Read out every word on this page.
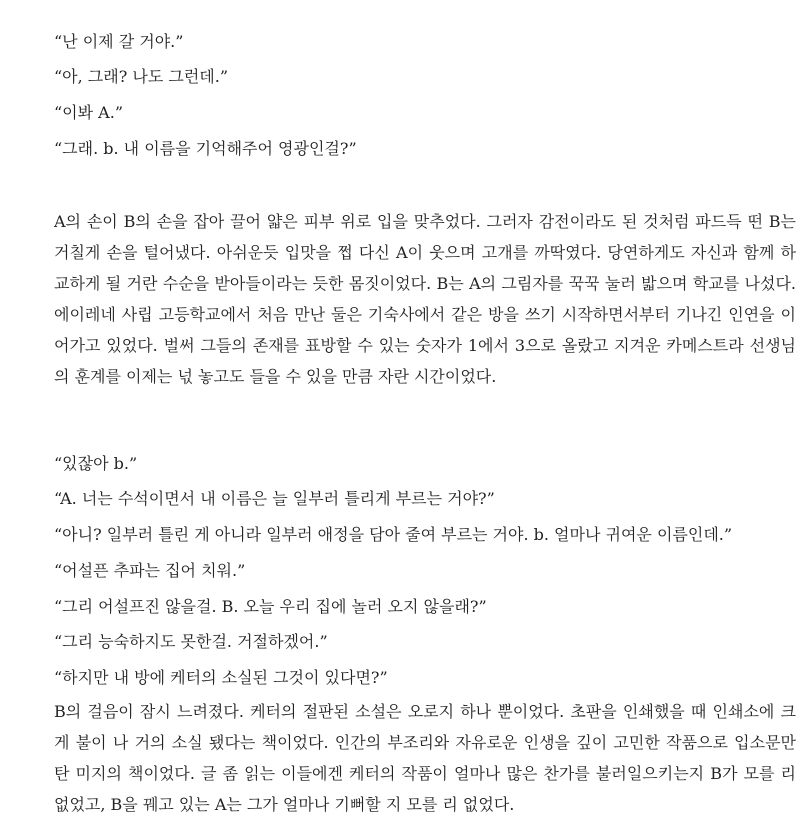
“난 이제 갈 거야.”
“아, 그래? 나도 그런데.”
“이봐 A.”
“그래. b. 내 이름을 기억해주어 영광인걸?”

A의 손이 B의 손을 잡아 끌어 얇은 피부 위로 입을 맞추었다. 그러자 감전이라도 된 것처럼 파드득 떤 B는 거칠게 손을 털어냈다. 아쉬운듯 입맛을 쩝 다신 A이 웃으며 고개를 까딱였다. 당연하게도 자신과 함께 하교하게 될 거란 수순을 받아들이라는 듯한 몸짓이었다. B는 A의 그림자를 꾹꾹 눌러 밟으며 학교를 나섰다. 에이레네 사립 고등학교에서 처음 만난 둘은 기숙사에서 같은 방을 쓰기 시작하면서부터 기나긴 인연을 이어가고 있었다. 벌써 그들의 존재를 표방할 수 있는 숫자가 1에서 3으로 올랐고 지겨운 카메스트라 선생님의 훈계를 이제는 넋 놓고도 들을 수 있을 만큼 자란 시간이었다.

“있잖아 b.”
“A. 너는 수석이면서 내 이름은 늘 일부러 틀리게 부르는 거야?”
“아니? 일부러 틀린 게 아니라 일부러 애정을 담아 줄여 부르는 거야. b. 얼마나 귀여운 이름인데.”
“어설픈 추파는 집어 치워.”
“그리 어설프진 않을걸. B. 오늘 우리 집에 놀러 오지 않을래?”
“그리 능숙하지도 못한걸. 거절하겠어.”
“하지만 내 방에 케터의 소실된 그것이 있다면?”

B의 걸음이 잠시 느려졌다. 케터의 절판된 소설은 오로지 하나 뿐이었다. 초판을 인쇄했을 때 인쇄소에 크게 불이 나 거의 소실 됐다는 책이었다. 인간의 부조리와 자유로운 인생을 깊이 고민한 작품으로 입소문만 탄 미지의 책이었다. 글 좀 읽는 이들에겐 케터의 작품이 얼마나 많은 찬가를 불러일으키는지 B가 모를 리 없었고, B을 꿰고 있는 A는 그가 얼마나 기뻐할 지 모를 리 없었다.
